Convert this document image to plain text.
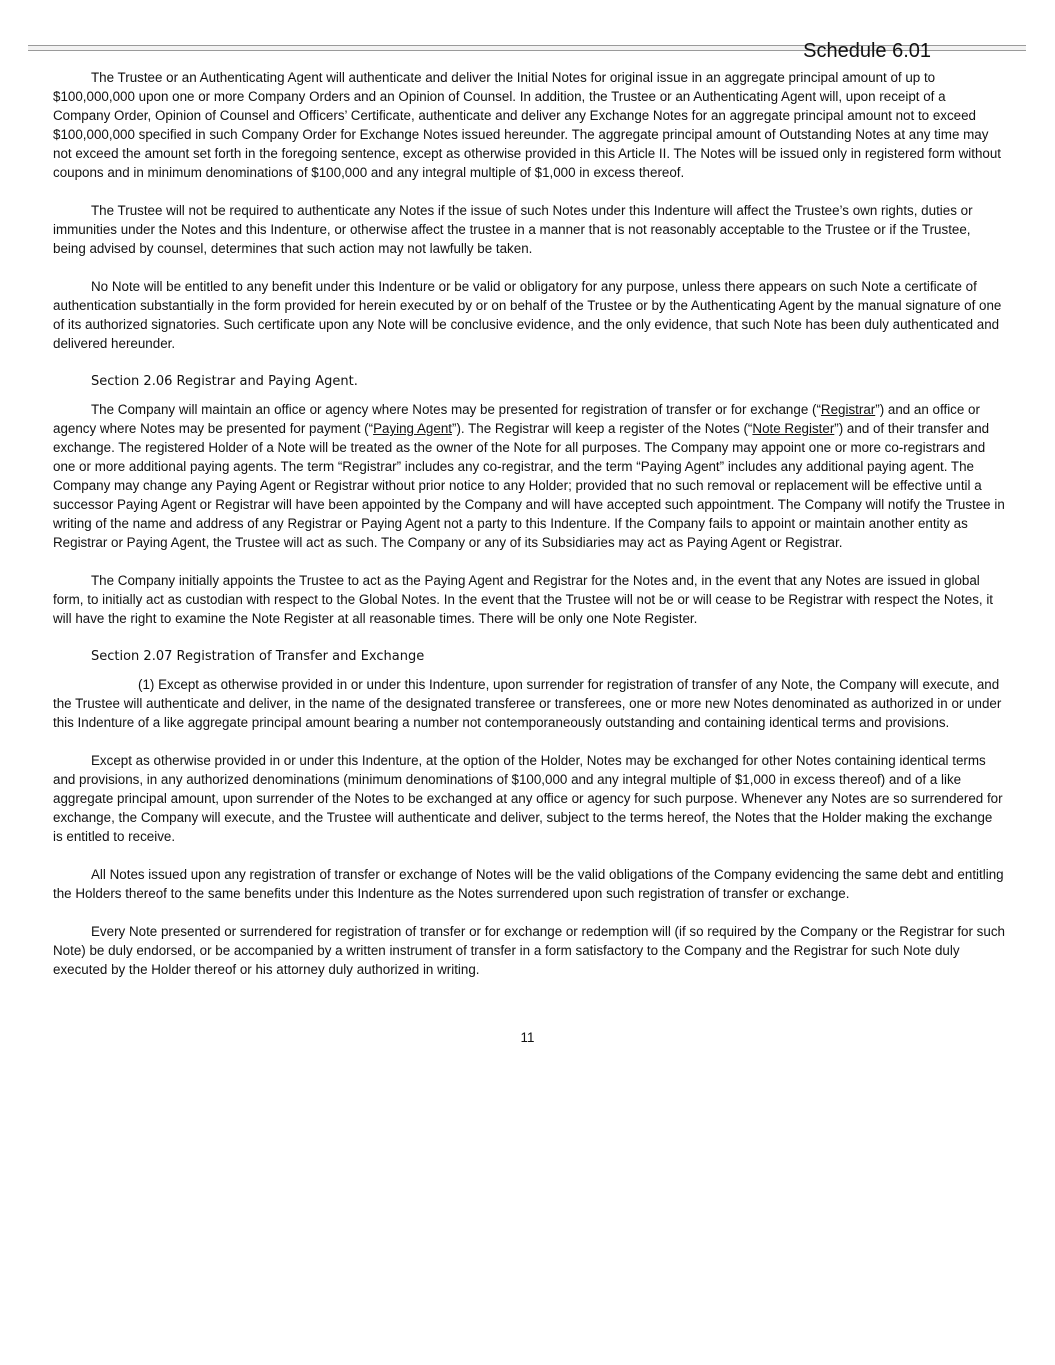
Schedule 6.01

The Trustee or an Authenticating Agent will authenticate and deliver the Initial Notes for original issue in an aggregate principal amount of up to $100,000,000 upon one or more Company Orders and an Opinion of Counsel. In addition, the Trustee or an Authenticating Agent will, upon receipt of a Company Order, Opinion of Counsel and Officers’ Certificate, authenticate and deliver any Exchange Notes for an aggregate principal amount not to exceed $100,000,000 specified in such Company Order for Exchange Notes issued hereunder. The aggregate principal amount of Outstanding Notes at any time may not exceed the amount set forth in the foregoing sentence, except as otherwise provided in this Article II. The Notes will be issued only in registered form without coupons and in minimum denominations of $100,000 and any integral multiple of $1,000 in excess thereof.

The Trustee will not be required to authenticate any Notes if the issue of such Notes under this Indenture will affect the Trustee’s own rights, duties or immunities under the Notes and this Indenture, or otherwise affect the trustee in a manner that is not reasonably acceptable to the Trustee or if the Trustee, being advised by counsel, determines that such action may not lawfully be taken.

No Note will be entitled to any benefit under this Indenture or be valid or obligatory for any purpose, unless there appears on such Note a certificate of authentication substantially in the form provided for herein executed by or on behalf of the Trustee or by the Authenticating Agent by the manual signature of one of its authorized signatories. Such certificate upon any Note will be conclusive evidence, and the only evidence, that such Note has been duly authenticated and delivered hereunder.

Section 2.06 Registrar and Paying Agent.

The Company will maintain an office or agency where Notes may be presented for registration of transfer or for exchange (“Registrar”) and an office or agency where Notes may be presented for payment (“Paying Agent”). The Registrar will keep a register of the Notes (“Note Register”) and of their transfer and exchange. The registered Holder of a Note will be treated as the owner of the Note for all purposes. The Company may appoint one or more co-registrars and one or more additional paying agents. The term “Registrar” includes any co-registrar, and the term “Paying Agent” includes any additional paying agent. The Company may change any Paying Agent or Registrar without prior notice to any Holder; provided that no such removal or replacement will be effective until a successor Paying Agent or Registrar will have been appointed by the Company and will have accepted such appointment. The Company will notify the Trustee in writing of the name and address of any Registrar or Paying Agent not a party to this Indenture. If the Company fails to appoint or maintain another entity as Registrar or Paying Agent, the Trustee will act as such. The Company or any of its Subsidiaries may act as Paying Agent or Registrar.

The Company initially appoints the Trustee to act as the Paying Agent and Registrar for the Notes and, in the event that any Notes are issued in global form, to initially act as custodian with respect to the Global Notes. In the event that the Trustee will not be or will cease to be Registrar with respect the Notes, it will have the right to examine the Note Register at all reasonable times. There will be only one Note Register.

Section 2.07 Registration of Transfer and Exchange

(1) Except as otherwise provided in or under this Indenture, upon surrender for registration of transfer of any Note, the Company will execute, and the Trustee will authenticate and deliver, in the name of the designated transferee or transferees, one or more new Notes denominated as authorized in or under this Indenture of a like aggregate principal amount bearing a number not contemporaneously outstanding and containing identical terms and provisions.

Except as otherwise provided in or under this Indenture, at the option of the Holder, Notes may be exchanged for other Notes containing identical terms and provisions, in any authorized denominations (minimum denominations of $100,000 and any integral multiple of $1,000 in excess thereof) and of a like aggregate principal amount, upon surrender of the Notes to be exchanged at any office or agency for such purpose. Whenever any Notes are so surrendered for exchange, the Company will execute, and the Trustee will authenticate and deliver, subject to the terms hereof, the Notes that the Holder making the exchange is entitled to receive.

All Notes issued upon any registration of transfer or exchange of Notes will be the valid obligations of the Company evidencing the same debt and entitling the Holders thereof to the same benefits under this Indenture as the Notes surrendered upon such registration of transfer or exchange.

Every Note presented or surrendered for registration of transfer or for exchange or redemption will (if so required by the Company or the Registrar for such Note) be duly endorsed, or be accompanied by a written instrument of transfer in a form satisfactory to the Company and the Registrar for such Note duly executed by the Holder thereof or his attorney duly authorized in writing.

11
